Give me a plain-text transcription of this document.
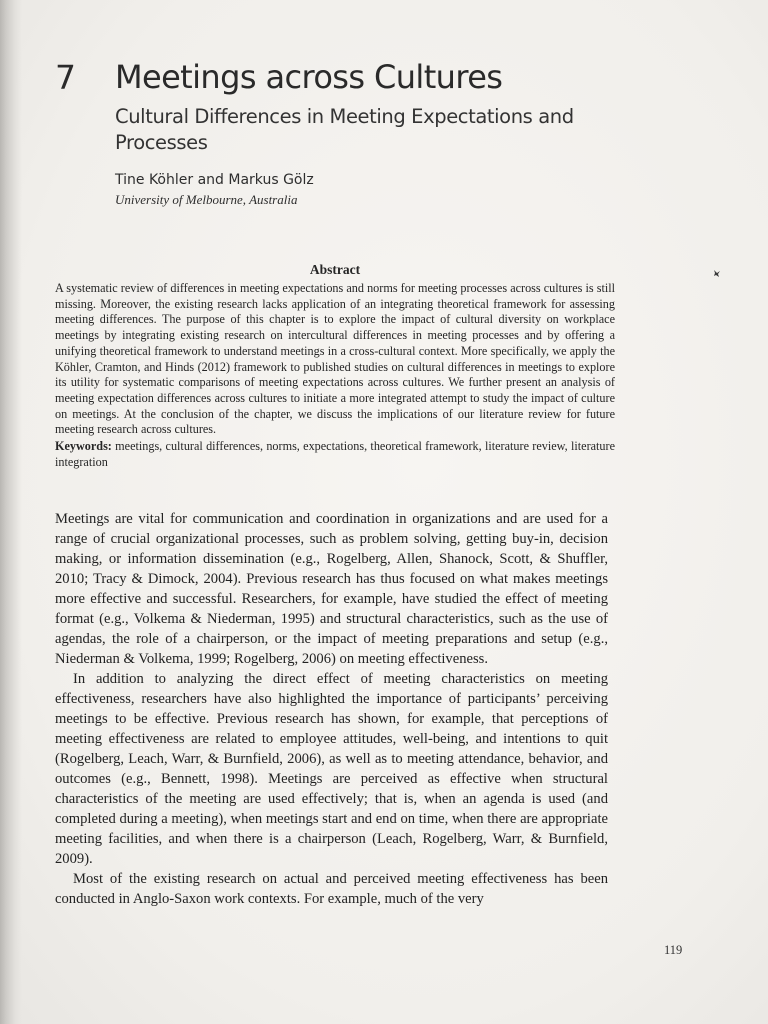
7 Meetings across Cultures
Cultural Differences in Meeting Expectations and Processes
Tine Köhler and Markus Gölz
University of Melbourne, Australia
Abstract
A systematic review of differences in meeting expectations and norms for meeting processes across cultures is still missing. Moreover, the existing research lacks application of an integrating theoretical framework for assessing meeting differences. The purpose of this chapter is to explore the impact of cultural diversity on workplace meetings by integrating existing research on intercultural differences in meeting processes and by offering a unifying theoretical framework to understand meetings in a cross-cultural context. More specifically, we apply the Köhler, Cramton, and Hinds (2012) framework to published studies on cultural differences in meetings to explore its utility for systematic comparisons of meeting expectations across cultures. We further present an analysis of meeting expectation differences across cultures to initiate a more integrated attempt to study the impact of culture on meetings. At the conclusion of the chapter, we discuss the implications of our literature review for future meeting research across cultures.
Keywords: meetings, cultural differences, norms, expectations, theoretical framework, literature review, literature integration

Meetings are vital for communication and coordination in organizations and are used for a range of crucial organizational processes, such as problem solving, getting buy-in, decision making, or information dissemination (e.g., Rogelberg, Allen, Shanock, Scott, & Shuffler, 2010; Tracy & Dimock, 2004). Previous research has thus focused on what makes meetings more effective and successful. Researchers, for example, have studied the effect of meeting format (e.g., Volkema & Niederman, 1995) and structural characteristics, such as the use of agendas, the role of a chairperson, or the impact of meeting preparations and setup (e.g., Niederman & Volkema, 1999; Rogelberg, 2006) on meeting effectiveness.

In addition to analyzing the direct effect of meeting characteristics on meeting effectiveness, researchers have also highlighted the importance of participants’ perceiving meetings to be effective. Previous research has shown, for example, that perceptions of meeting effectiveness are related to employee attitudes, well-being, and intentions to quit (Rogelberg, Leach, Warr, & Burnfield, 2006), as well as to meeting attendance, behavior, and outcomes (e.g., Bennett, 1998). Meetings are perceived as effective when structural characteristics of the meeting are used effectively; that is, when an agenda is used (and completed during a meeting), when meetings start and end on time, when there are appropriate meeting facilities, and when there is a chairperson (Leach, Rogelberg, Warr, & Burnfield, 2009).

Most of the existing research on actual and perceived meeting effectiveness has been conducted in Anglo-Saxon work contexts. For example, much of the very

119
